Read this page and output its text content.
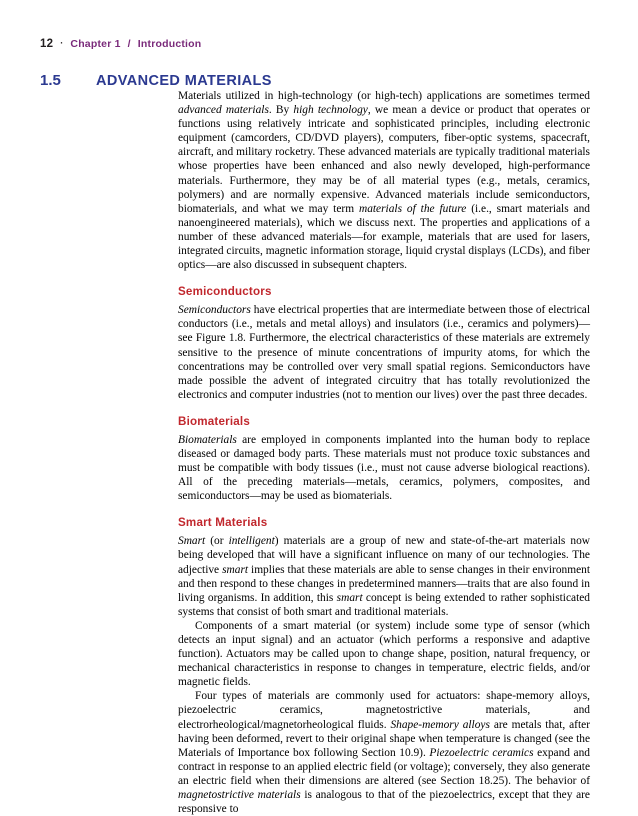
12 · Chapter 1 / Introduction
1.5	ADVANCED MATERIALS

Materials utilized in high-technology (or high-tech) applications are sometimes termed advanced materials. By high technology, we mean a device or product that operates or functions using relatively intricate and sophisticated principles, including electronic equipment (camcorders, CD/DVD players), computers, fiber-optic systems, spacecraft, aircraft, and military rocketry. These advanced materials are typically traditional materials whose properties have been enhanced and also newly developed, high-performance materials. Furthermore, they may be of all material types (e.g., metals, ceramics, polymers) and are normally expensive. Advanced materials include semiconductors, biomaterials, and what we may term materials of the future (i.e., smart materials and nanoengineered materials), which we discuss next. The properties and applications of a number of these advanced materials—for example, materials that are used for lasers, integrated circuits, magnetic information storage, liquid crystal displays (LCDs), and fiber optics—are also discussed in subsequent chapters.

Semiconductors

Semiconductors have electrical properties that are intermediate between those of electrical conductors (i.e., metals and metal alloys) and insulators (i.e., ceramics and polymers)—see Figure 1.8. Furthermore, the electrical characteristics of these materials are extremely sensitive to the presence of minute concentrations of impurity atoms, for which the concentrations may be controlled over very small spatial regions. Semiconductors have made possible the advent of integrated circuitry that has totally revolutionized the electronics and computer industries (not to mention our lives) over the past three decades.

Biomaterials

Biomaterials are employed in components implanted into the human body to replace diseased or damaged body parts. These materials must not produce toxic substances and must be compatible with body tissues (i.e., must not cause adverse biological reactions). All of the preceding materials—metals, ceramics, polymers, composites, and semiconductors—may be used as biomaterials.

Smart Materials

Smart (or intelligent) materials are a group of new and state-of-the-art materials now being developed that will have a significant influence on many of our technologies. The adjective smart implies that these materials are able to sense changes in their environment and then respond to these changes in predetermined manners—traits that are also found in living organisms. In addition, this smart concept is being extended to rather sophisticated systems that consist of both smart and traditional materials.

Components of a smart material (or system) include some type of sensor (which detects an input signal) and an actuator (which performs a responsive and adaptive function). Actuators may be called upon to change shape, position, natural frequency, or mechanical characteristics in response to changes in temperature, electric fields, and/or magnetic fields.

Four types of materials are commonly used for actuators: shape-memory alloys, piezoelectric ceramics, magnetostrictive materials, and electrorheological/magnetorheological fluids. Shape-memory alloys are metals that, after having been deformed, revert to their original shape when temperature is changed (see the Materials of Importance box following Section 10.9). Piezoelectric ceramics expand and contract in response to an applied electric field (or voltage); conversely, they also generate an electric field when their dimensions are altered (see Section 18.25). The behavior of magnetostrictive materials is analogous to that of the piezoelectrics, except that they are responsive to
